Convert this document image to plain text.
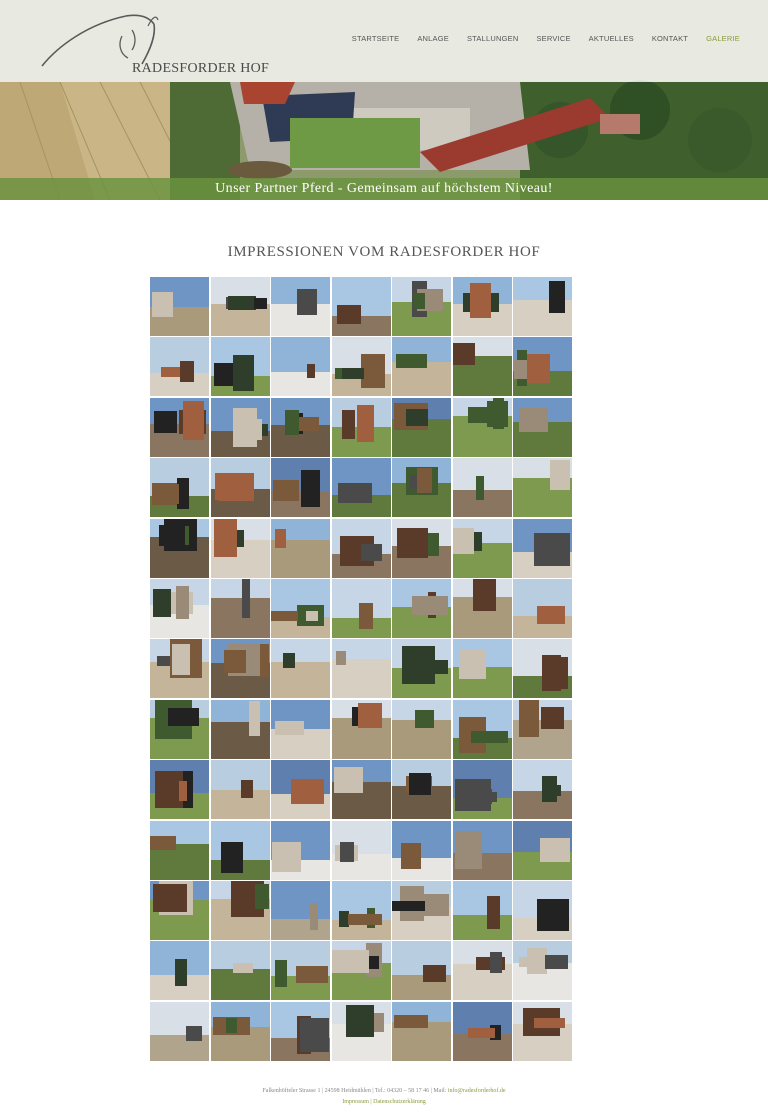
RADESFORDER HOF
STARTSEITE ANLAGE STALLUNGEN SERVICE AKTUELLES KONTAKT GALERIE
Unser Partner Pferd - Gemeinsam auf höchstem Niveau!
IMPRESSIONEN VOM RADESFORDER HOF
Falkenhöfteler Strasse 1 | 24598 Heidmühlen | Tel.: 04320 – 58 17 46 | Mail: info@radesforderhof.de
Impressum | Datenschutzerklärung
